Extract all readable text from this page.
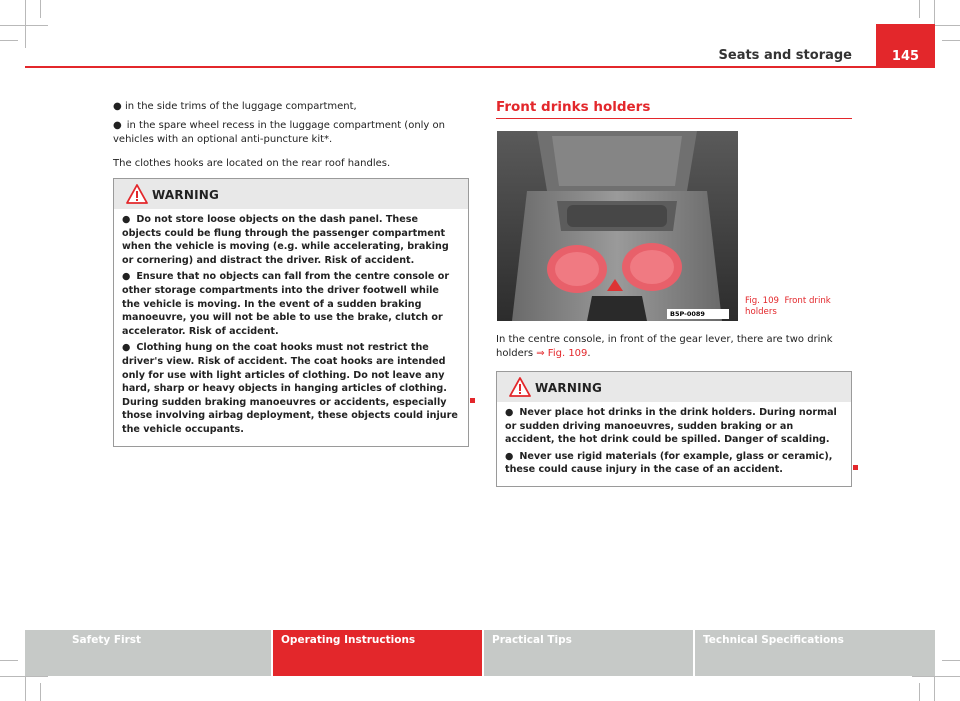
Seats and storage	145
● in the side trims of the luggage compartment,
● in the spare wheel recess in the luggage compartment (only on vehicles with an optional anti-puncture kit*.

The clothes hooks are located on the rear roof handles.

WARNING
● Do not store loose objects on the dash panel. These objects could be flung through the passenger compartment when the vehicle is moving (e.g. while accelerating, braking or cornering) and distract the driver. Risk of accident.
● Ensure that no objects can fall from the centre console or other storage compartments into the driver footwell while the vehicle is moving. In the event of a sudden braking manoeuvre, you will not be able to use the brake, clutch or accelerator. Risk of accident.
● Clothing hung on the coat hooks must not restrict the driver's view. Risk of accident. The coat hooks are intended only for use with light articles of clothing. Do not leave any hard, sharp or heavy objects in hanging articles of clothing. During sudden braking manoeuvres or accidents, especially those involving airbag deployment, these objects could injure the vehicle occupants.
Front drinks holders
B5P-0089
Fig. 109 Front drink holders
In the centre console, in front of the gear lever, there are two drink holders ⇒ Fig. 109.
WARNING
● Never place hot drinks in the drink holders. During normal or sudden driving manoeuvres, sudden braking or an accident, the hot drink could be spilled. Danger of scalding.
● Never use rigid materials (for example, glass or ceramic), these could cause injury in the case of an accident.
Safety First	Operating Instructions	Practical Tips	Technical Specifications
